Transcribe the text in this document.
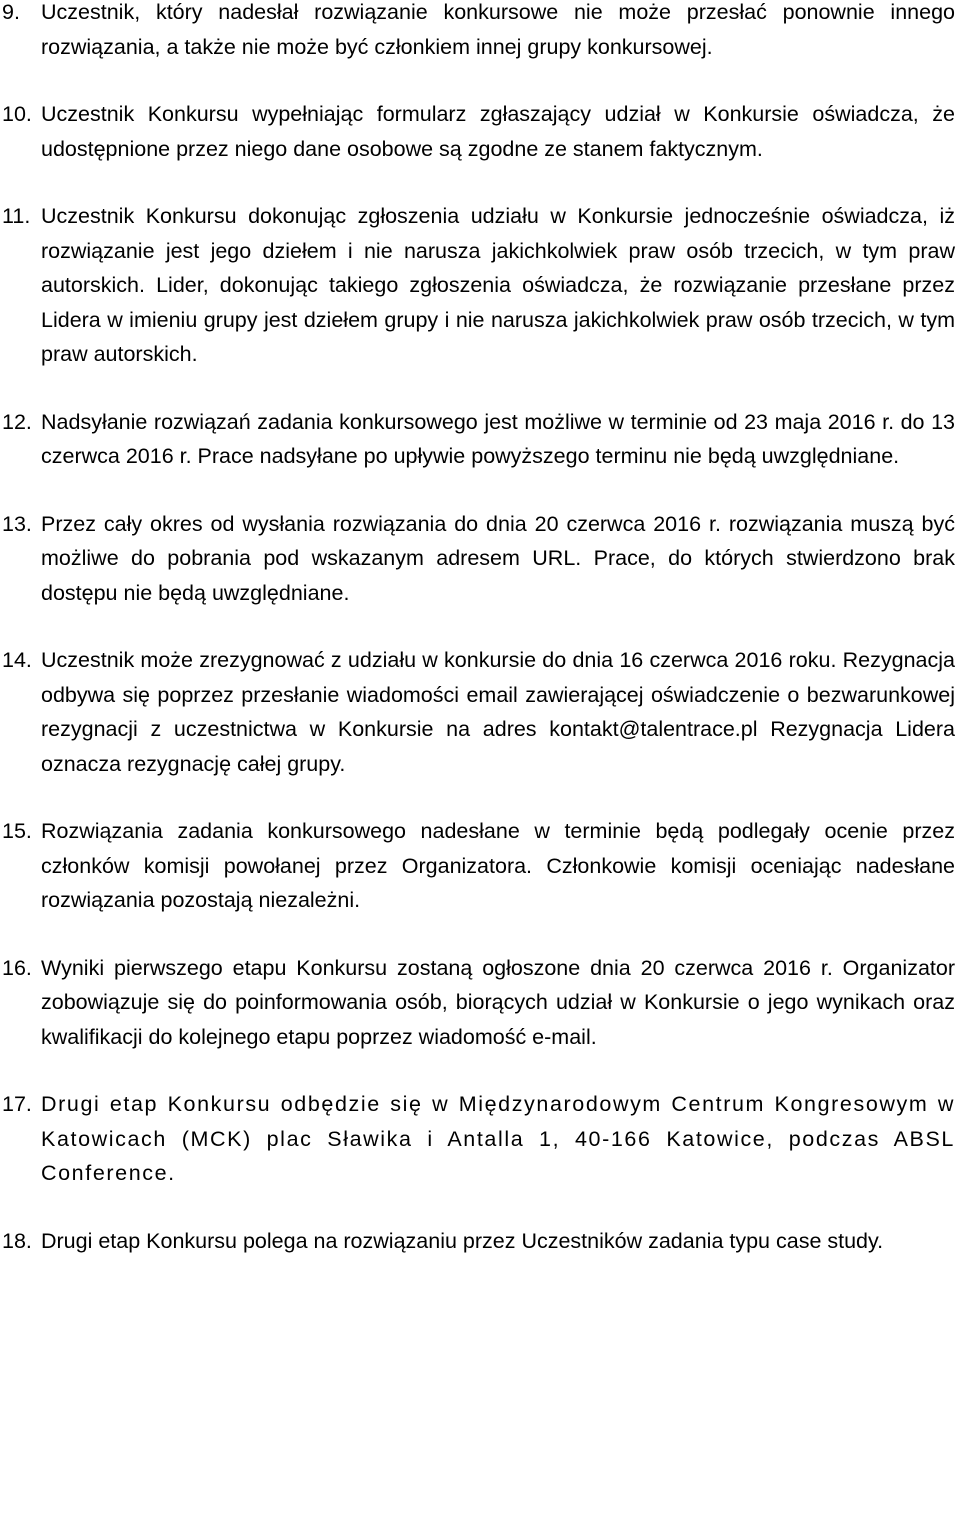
9. Uczestnik, który nadesłał rozwiązanie konkursowe nie może przesłać ponownie innego rozwiązania, a także nie może być członkiem innej grupy konkursowej.
10. Uczestnik Konkursu wypełniając formularz zgłaszający udział w Konkursie oświadcza, że udostępnione przez niego dane osobowe są zgodne ze stanem faktycznym.
11. Uczestnik Konkursu dokonując zgłoszenia udziału w Konkursie jednocześnie oświadcza, iż rozwiązanie jest jego dziełem i nie narusza jakichkolwiek praw osób trzecich, w tym praw autorskich. Lider, dokonując takiego zgłoszenia oświadcza, że rozwiązanie przesłane przez Lidera w imieniu grupy jest dziełem grupy i nie narusza jakichkolwiek praw osób trzecich, w tym praw autorskich.
12. Nadsyłanie rozwiązań zadania konkursowego jest możliwe w terminie od 23 maja 2016 r. do 13 czerwca 2016 r. Prace nadsyłane po upływie powyższego terminu nie będą uwzględniane.
13. Przez cały okres od wysłania rozwiązania do dnia 20 czerwca 2016 r. rozwiązania muszą być możliwe do pobrania pod wskazanym adresem URL. Prace, do których stwierdzono brak dostępu nie będą uwzględniane.
14. Uczestnik może zrezygnować z udziału w konkursie do dnia 16 czerwca 2016 roku. Rezygnacja odbywa się poprzez przesłanie wiadomości email zawierającej oświadczenie o bezwarunkowej rezygnacji z uczestnictwa w Konkursie na adres kontakt@talentrace.pl Rezygnacja Lidera oznacza rezygnację całej grupy.
15. Rozwiązania zadania konkursowego nadesłane w terminie będą podlegały ocenie przez członków komisji powołanej przez Organizatora. Członkowie komisji oceniając nadesłane rozwiązania pozostają niezależni.
16. Wyniki pierwszego etapu Konkursu zostaną ogłoszone dnia 20 czerwca 2016 r. Organizator zobowiązuje się do poinformowania osób, biorących udział w Konkursie o jego wynikach oraz kwalifikacji do kolejnego etapu poprzez wiadomość e-mail.
17. Drugi etap Konkursu odbędzie się w Międzynarodowym Centrum Kongresowym w Katowicach (MCK) plac Sławika i Antalla 1, 40-166 Katowice, podczas ABSL Conference.
18. Drugi etap Konkursu polega na rozwiązaniu przez Uczestników zadania typu case study.
